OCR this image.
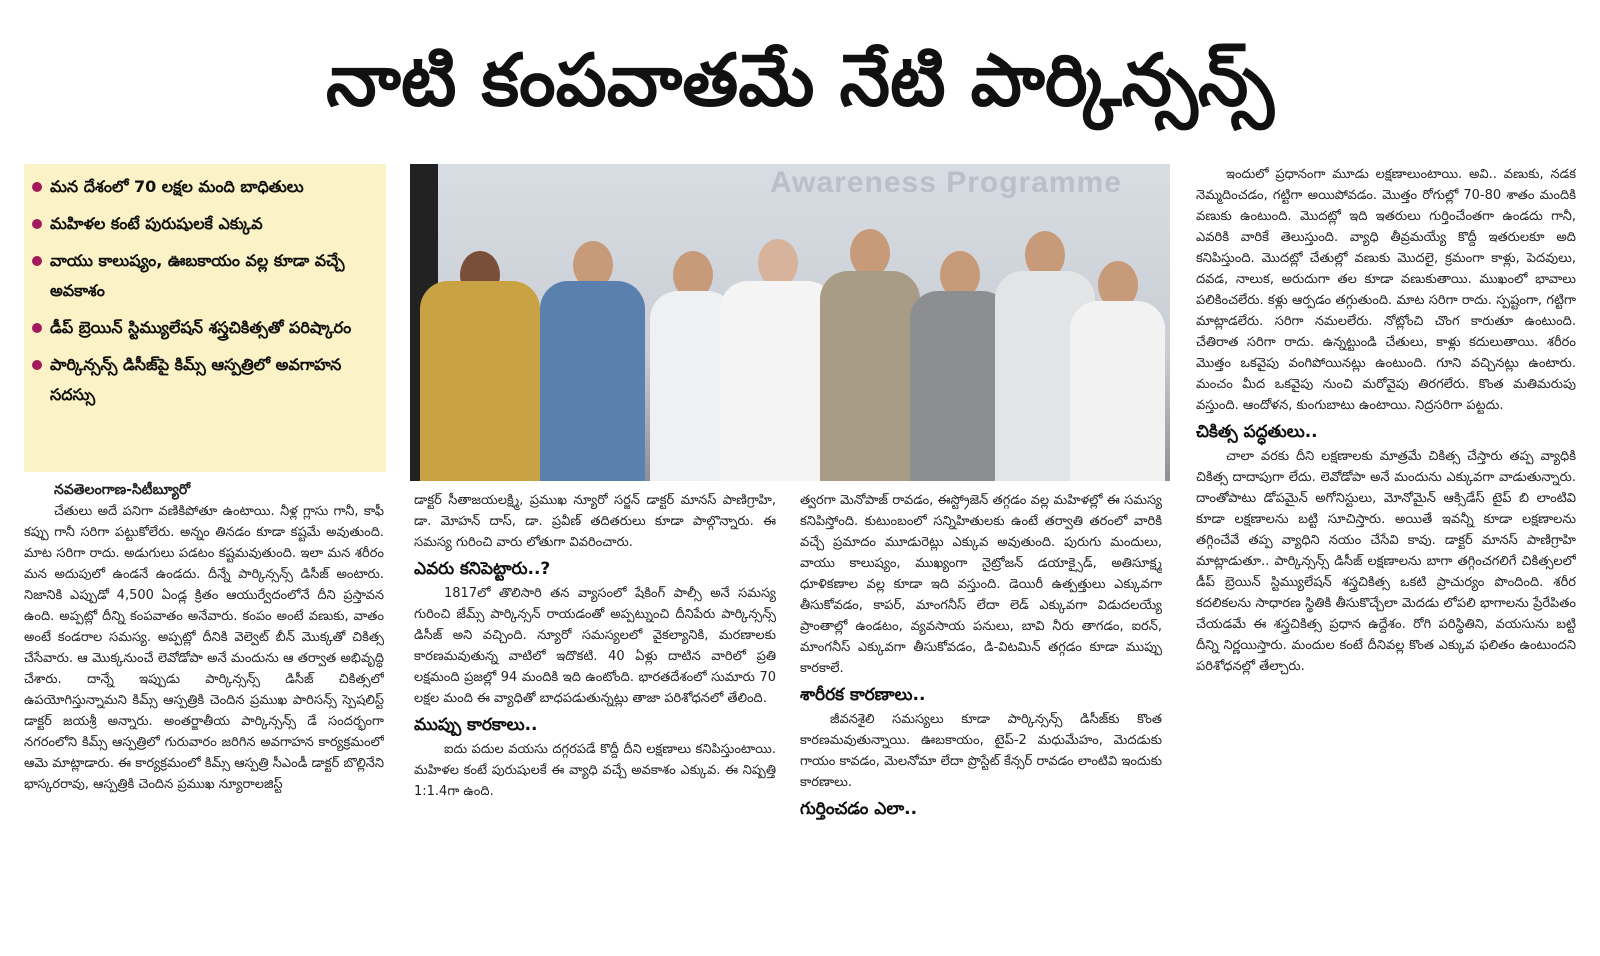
నాటి కంపవాతమే నేటి పార్కిన్సన్స్
మన దేశంలో 70 లక్షల మంది బాధితులు
మహిళల కంటే పురుషులకే ఎక్కువ
వాయు కాలుష్యం, ఊబకాయం వల్ల కూడా వచ్చే అవకాశం
డీప్ బ్రెయిన్ స్టిమ్యులేషన్ శస్త్రచికిత్సతో పరిష్కారం
పార్కిన్సన్స్ డిసీజ్‌పై కిమ్స్ ఆస్పత్రిలో అవగాహన సదస్సు
Awareness Programme

నవతెలంగాణ-సిటీబ్యూరో

చేతులు అదే పనిగా వణికిపోతూ ఉంటాయి. నీళ్ల గ్లాసు గానీ, కాఫీ కప్పు గానీ సరిగా పట్టుకోలేరు. అన్నం తినడం కూడా కష్టమే అవుతుంది. మాట సరిగా రాదు. అడుగులు పడటం కష్టమవుతుంది. ఇలా మన శరీరం మన అదుపులో ఉండనే ఉండదు. దీన్నే పార్కిన్సన్స్ డిసీజ్ అంటారు. నిజానికి ఎప్పుడో 4,500 ఏండ్ల క్రితం ఆయుర్వేదంలోనే దీని ప్రస్తావన ఉంది. అప్పట్లో దీన్ని కంపవాతం అనేవారు. కంపం అంటే వణుకు, వాతం అంటే కండరాల సమస్య. అప్పట్లో దీనికి వెల్వెట్ బీన్ మొక్కతో చికిత్స చేసేవారు. ఆ మొక్కనుంచే లెవోడోపా అనే మందును ఆ తర్వాత అభివృద్ధి చేశారు. దాన్నే ఇప్పుడు పార్కిన్సన్స్ డిసీజ్ చికిత్సలో ఉపయోగిస్తున్నామని కిమ్స్ ఆస్పత్రికి చెందిన ప్రముఖ పారిసన్స్ స్పెషలిస్ట్ డాక్టర్ జయశ్రీ అన్నారు. అంతర్జాతీయ పార్కిన్సన్స్ డే సందర్భంగా నగరంలోని కిమ్స్ ఆస్పత్రిలో గురువారం జరిగిన అవగాహన కార్యక్రమంలో ఆమె మాట్లాడారు. ఈ కార్యక్రమంలో కిమ్స్ ఆస్పత్రి సీఎండీ డాక్టర్ బొల్లినేని భాస్కరరావు, ఆస్పత్రికి చెందిన ప్రముఖ న్యూరాలజిస్ట్

డాక్టర్ సీతాజయలక్ష్మి, ప్రముఖ న్యూరో సర్జన్ డాక్టర్ మానస్ పాణిగ్రాహి, డా. మోహన్ దాస్, డా. ప్రవీణ్ తదితరులు కూడా పాల్గొన్నారు. ఈ సమస్య గురించి వారు లోతుగా వివరించారు.

ఎవరు కనిపెట్టారు..?

1817లో తొలిసారి తన వ్యాసంలో షేకింగ్ పాల్సీ అనే సమస్య గురించి జేమ్స్ పార్కిన్సన్ రాయడంతో అప్పట్నుంచి దీనిపేరు పార్కిన్సన్స్ డిసీజ్ అని వచ్చింది. న్యూరో సమస్యలలో వైకల్యానికి, మరణాలకు కారణమవుతున్న వాటిలో ఇదొకటి. 40 ఏళ్లు దాటిన వారిలో ప్రతి లక్షమంది ప్రజల్లో 94 మందికి ఇది ఉంటోంది. భారతదేశంలో సుమారు 70 లక్షల మంది ఈ వ్యాధితో బాధపడుతున్నట్లు తాజా పరిశోధనలో తేలింది.

ముప్పు కారకాలు..

ఐదు పదుల వయసు దగ్గరపడే కొద్దీ దీని లక్షణాలు కనిపిస్తుంటాయి. మహిళల కంటే పురుషులకే ఈ వ్యాధి వచ్చే అవకాశం ఎక్కువ. ఈ నిష్పత్తి 1:1.4గా ఉంది.

త్వరగా మెనోపాజ్ రావడం, ఈస్ట్రోజెన్ తగ్గడం వల్ల మహిళల్లో ఈ సమస్య కనిపిస్తోంది. కుటుంబంలో సన్నిహితులకు ఉంటే తర్వాతి తరంలో వారికి వచ్చే ప్రమాదం మూడురెట్లు ఎక్కువ అవుతుంది. పురుగు మందులు, వాయు కాలుష్యం, ముఖ్యంగా నైట్రోజన్ డయాక్సైడ్, అతిసూక్ష్మ ధూళికణాల వల్ల కూడా ఇది వస్తుంది. డెయిరీ ఉత్పత్తులు ఎక్కువగా తీసుకోవడం, కాపర్, మాంగనీస్ లేదా లెడ్ ఎక్కువగా విడుదలయ్యే ప్రాంతాల్లో ఉండటం, వ్యవసాయ పనులు, బావి నీరు తాగడం, ఐరన్, మాంగనీస్ ఎక్కువగా తీసుకోవడం, డి-విటమిన్ తగ్గడం కూడా ముప్పు కారకాలే.

శారీరక కారణాలు..

జీవనశైలి సమస్యలు కూడా పార్కిన్సన్స్ డిసీజ్‌కు కొంత కారణమవుతున్నాయి. ఊబకాయం, టైప్-2 మధుమేహం, మెదడుకు గాయం కావడం, మెలనోమా లేదా ప్రొస్టేట్ కేన్సర్ రావడం లాంటివి ఇందుకు కారణాలు.

గుర్తించడం ఎలా..

ఇందులో ప్రధానంగా మూడు లక్షణాలుంటాయి. అవి.. వణుకు, నడక నెమ్మదించడం, గట్టిగా అయిపోవడం. మొత్తం రోగుల్లో 70-80 శాతం మందికి వణుకు ఉంటుంది. మొదట్లో ఇది ఇతరులు గుర్తించేంతగా ఉండదు గానీ, ఎవరికి వారికే తెలుస్తుంది. వ్యాధి తీవ్రమయ్యే కొద్దీ ఇతరులకూ అది కనిపిస్తుంది. మొదట్లో చేతుల్లో వణుకు మొదలై, క్రమంగా కాళ్లు, పెదవులు, దవడ, నాలుక, అరుదుగా తల కూడా వణుకుతాయి. ముఖంలో భావాలు పలికించలేరు. కళ్లు ఆర్పడం తగ్గుతుంది. మాట సరిగా రాదు. స్పష్టంగా, గట్టిగా మాట్లాడలేరు. సరిగా నమలలేరు. నోట్లోంచి చొంగ కారుతూ ఉంటుంది. చేతిరాత సరిగా రాదు. ఉన్నట్టుండి చేతులు, కాళ్లు కదులుతాయి. శరీరం మొత్తం ఒకవైపు వంగిపోయినట్లు ఉంటుంది. గూని వచ్చినట్లు ఉంటారు. మంచం మీద ఒకవైపు నుంచి మరోవైపు తిరగలేరు. కొంత మతిమరుపు వస్తుంది. ఆందోళన, కుంగుబాటు ఉంటాయి. నిద్రసరిగా పట్టదు.

చికిత్స పద్ధతులు..

చాలా వరకు దీని లక్షణాలకు మాత్రమే చికిత్స చేస్తారు తప్ప వ్యాధికి చికిత్స దాదాపుగా లేదు. లెవోడోపా అనే మందును ఎక్కువగా వాడుతున్నారు. దాంతోపాటు డోపమైన్ అగోనిస్టులు, మోనోమైన్ ఆక్సిడేస్ టైప్ బి లాంటివి కూడా లక్షణాలను బట్టి సూచిస్తారు. అయితే ఇవన్నీ కూడా లక్షణాలను తగ్గించేవే తప్ప వ్యాధిని నయం చేసేవి కావు. డాక్టర్ మానస్ పాణిగ్రాహి మాట్లాడుతూ.. పార్కిన్సన్స్ డిసీజ్ లక్షణాలను బాగా తగ్గించగలిగే చికిత్సలలో డీప్ బ్రెయిన్ స్టిమ్యులేషన్ శస్త్రచికిత్స ఒకటి ప్రాచుర్యం పొందింది. శరీర కదలికలను సాధారణ స్థితికి తీసుకొచ్చేలా మెదడు లోపలి భాగాలను ప్రేరేపితం చేయడమే ఈ శస్త్రచికిత్స ప్రధాన ఉద్దేశం. రోగి పరిస్థితిని, వయసును బట్టి దీన్ని నిర్ణయిస్తారు. మందుల కంటే దీనివల్ల కొంత ఎక్కువ ఫలితం ఉంటుందని పరిశోధనల్లో తేల్చారు.
